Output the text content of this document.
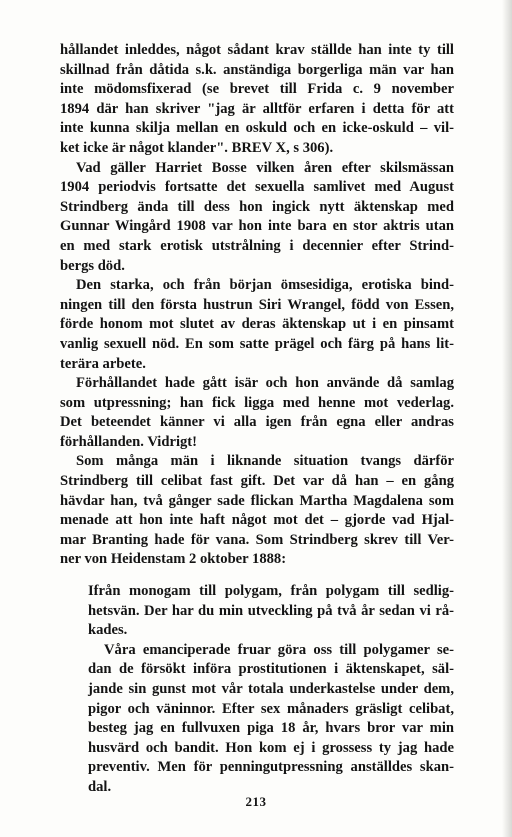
hållandet inleddes, något sådant krav ställde han inte ty till
skillnad från dåtida s.k. anständiga borgerliga män var han
inte mödomsfixerad (se brevet till Frida c. 9 november
1894 där han skriver "jag är alltför erfaren i detta för att
inte kunna skilja mellan en oskuld och en icke-oskuld – vil-
ket icke är något klander". BREV X, s 306).
Vad gäller Harriet Bosse vilken åren efter skilsmässan
1904 periodvis fortsatte det sexuella samlivet med August
Strindberg ända till dess hon ingick nytt äktenskap med
Gunnar Wingård 1908 var hon inte bara en stor aktris utan
en med stark erotisk utstrålning i decennier efter Strind-
bergs död.
Den starka, och från början ömsesidiga, erotiska bind-
ningen till den första hustrun Siri Wrangel, född von Essen,
förde honom mot slutet av deras äktenskap ut i en pinsamt
vanlig sexuell nöd. En som satte prägel och färg på hans lit-
terära arbete.
Förhållandet hade gått isär och hon använde då samlag
som utpressning; han fick ligga med henne mot vederlag.
Det beteendet känner vi alla igen från egna eller andras
förhållanden. Vidrigt!
Som många män i liknande situation tvangs därför
Strindberg till celibat fast gift. Det var då han – en gång
hävdar han, två gånger sade flickan Martha Magdalena som
menade att hon inte haft något mot det – gjorde vad Hjal-
mar Branting hade för vana. Som Strindberg skrev till Ver-
ner von Heidenstam 2 oktober 1888:
Ifrån monogam till polygam, från polygam till sedlig-
hetsvän. Der har du min utveckling på två år sedan vi rå-
kades.
Våra emanciperade fruar göra oss till polygamer se-
dan de försökt införa prostitutionen i äktenskapet, säl-
jande sin gunst mot vår totala underkastelse under dem,
pigor och väninnor. Efter sex månaders gräsligt celibat,
besteg jag en fullvuxen piga 18 år, hvars bror var min
husvärd och bandit. Hon kom ej i grossess ty jag hade
preventiv. Men för penningutpressning anställdes skan-
dal.
213
